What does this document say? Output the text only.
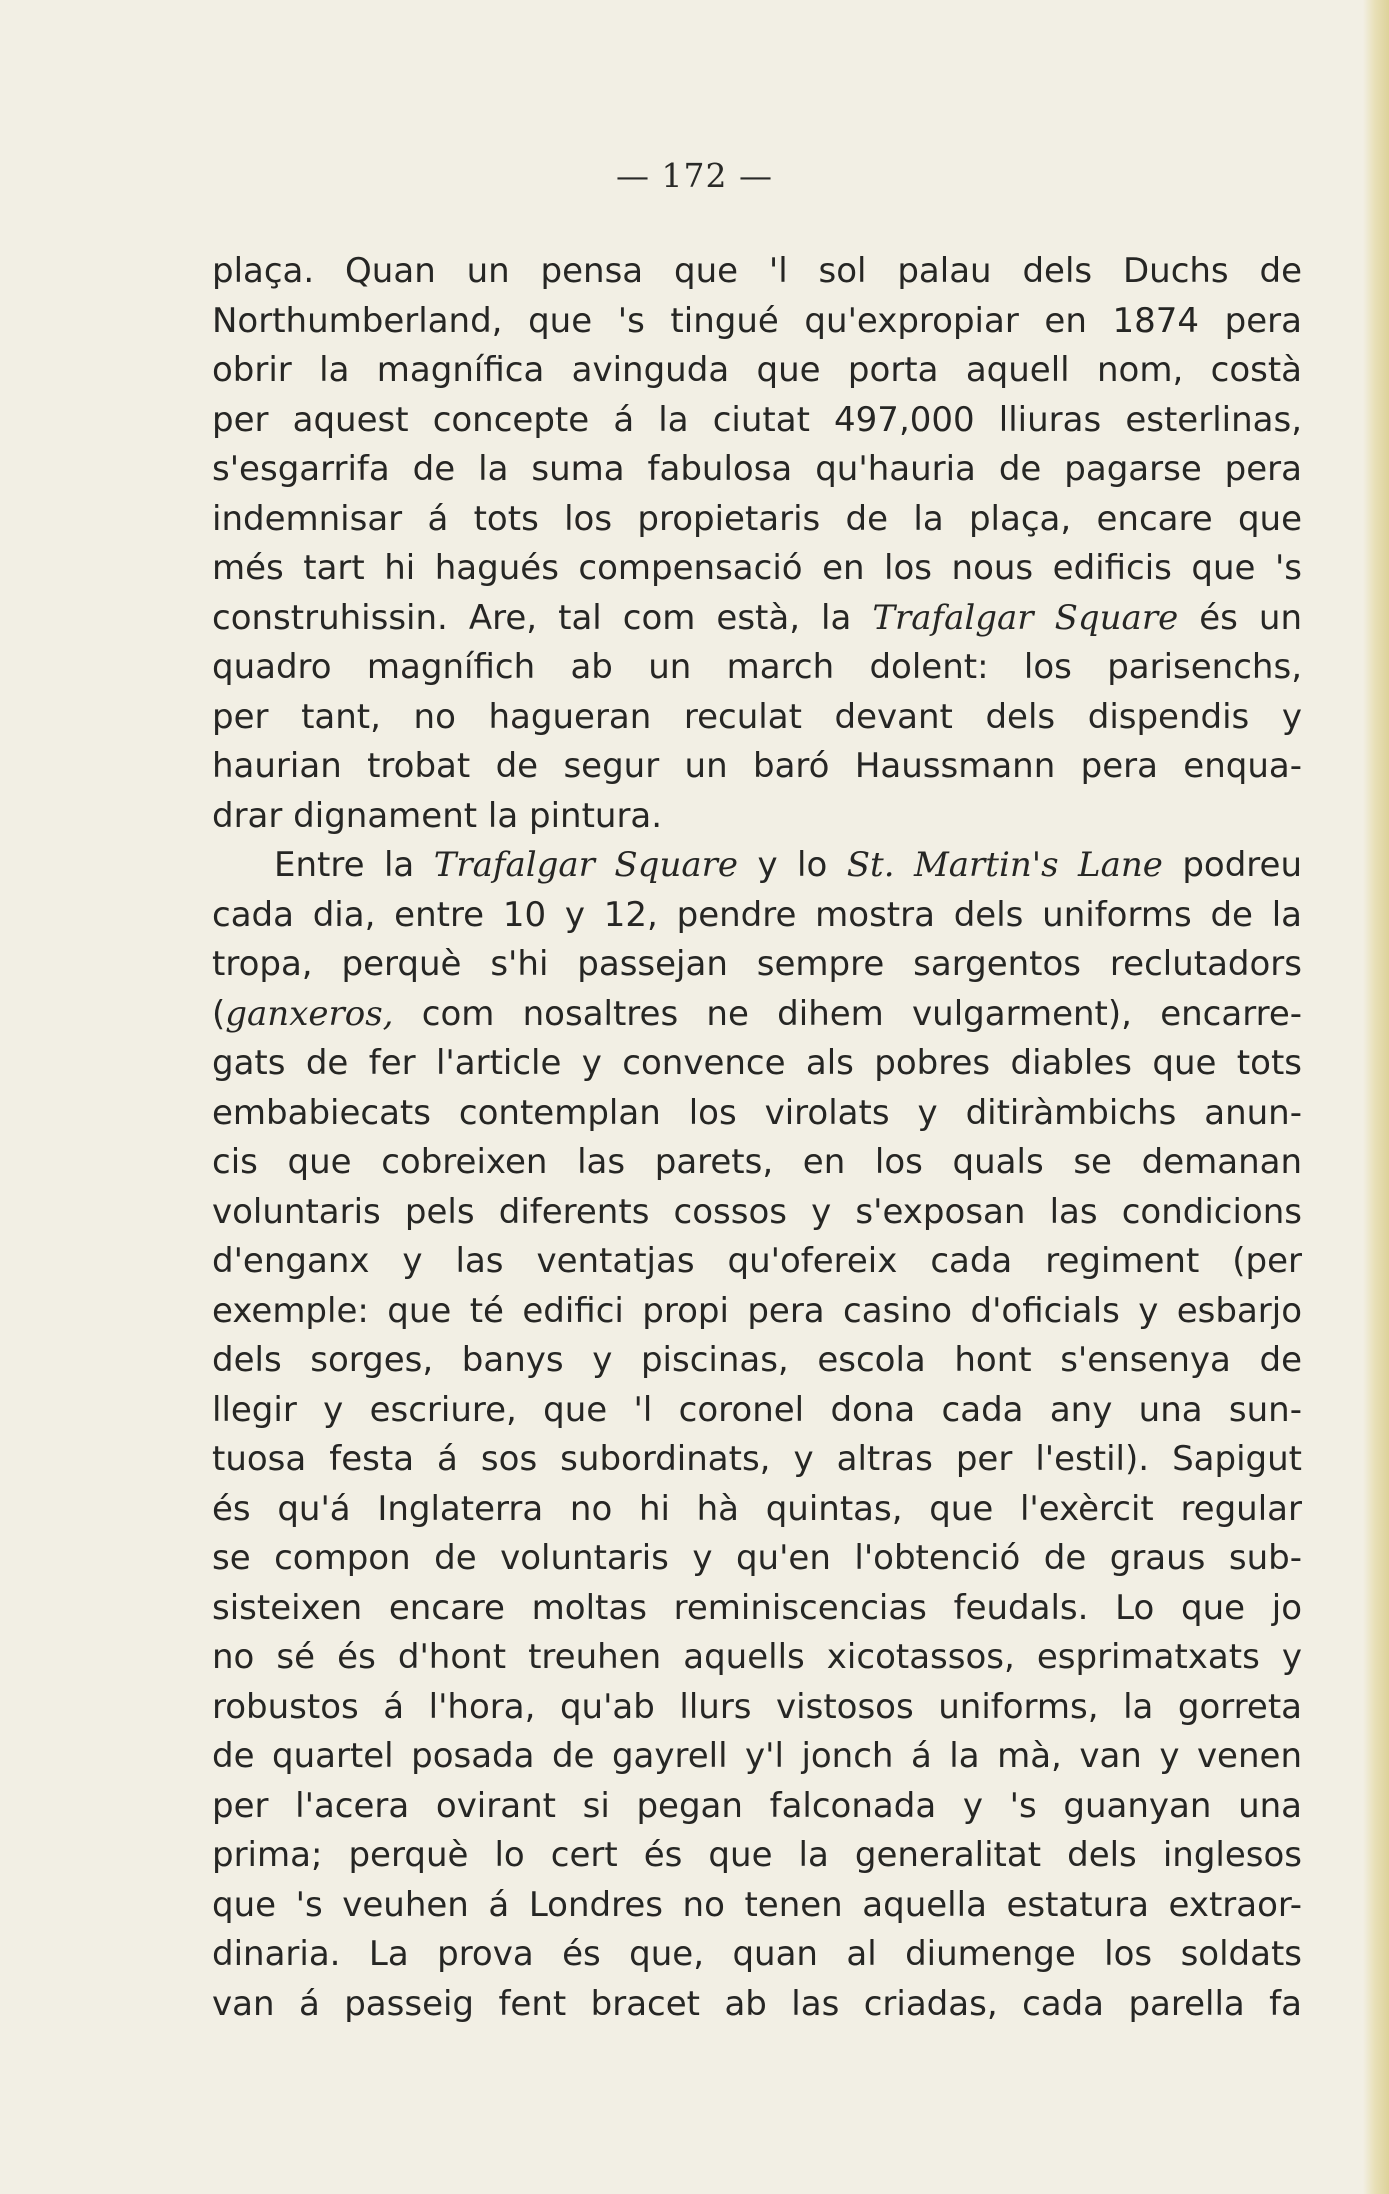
— 172 —
plaça. Quan un pensa que 'l sol palau dels Duchs de
Northumberland, que 's tingué qu'expropiar en 1874 pera
obrir la magnífica avinguda que porta aquell nom, costà
per aquest concepte á la ciutat 497,000 lliuras esterlinas,
s'esgarrifa de la suma fabulosa qu'hauria de pagarse pera
indemnisar á tots los propietaris de la plaça, encare que
més tart hi hagués compensació en los nous edificis que 's
construhissin. Are, tal com està, la Trafalgar Square és un
quadro magnífich ab un march dolent: los parisenchs,
per tant, no hagueran reculat devant dels dispendis y
haurian trobat de segur un baró Haussmann pera enqua-
drar dignament la pintura.
Entre la Trafalgar Square y lo St. Martin's Lane podreu
cada dia, entre 10 y 12, pendre mostra dels uniforms de la
tropa, perquè s'hi passejan sempre sargentos reclutadors
(ganxeros, com nosaltres ne dihem vulgarment), encarre-
gats de fer l'article y convence als pobres diables que tots
embabiecats contemplan los virolats y ditiràmbichs anun-
cis que cobreixen las parets, en los quals se demanan
voluntaris pels diferents cossos y s'exposan las condicions
d'enganx y las ventatjas qu'ofereix cada regiment (per
exemple: que té edifici propi pera casino d'oficials y esbarjo
dels sorges, banys y piscinas, escola hont s'ensenya de
llegir y escriure, que 'l coronel dona cada any una sun-
tuosa festa á sos subordinats, y altras per l'estil). Sapigut
és qu'á Inglaterra no hi hà quintas, que l'exèrcit regular
se compon de voluntaris y qu'en l'obtenció de graus sub-
sisteixen encare moltas reminiscencias feudals. Lo que jo
no sé és d'hont treuhen aquells xicotassos, esprimatxats y
robustos á l'hora, qu'ab llurs vistosos uniforms, la gorreta
de quartel posada de gayrell y'l jonch á la mà, van y venen
per l'acera ovirant si pegan falconada y 's guanyan una
prima; perquè lo cert és que la generalitat dels inglesos
que 's veuhen á Londres no tenen aquella estatura extraor-
dinaria. La prova és que, quan al diumenge los soldats
van á passeig fent bracet ab las criadas, cada parella fa
